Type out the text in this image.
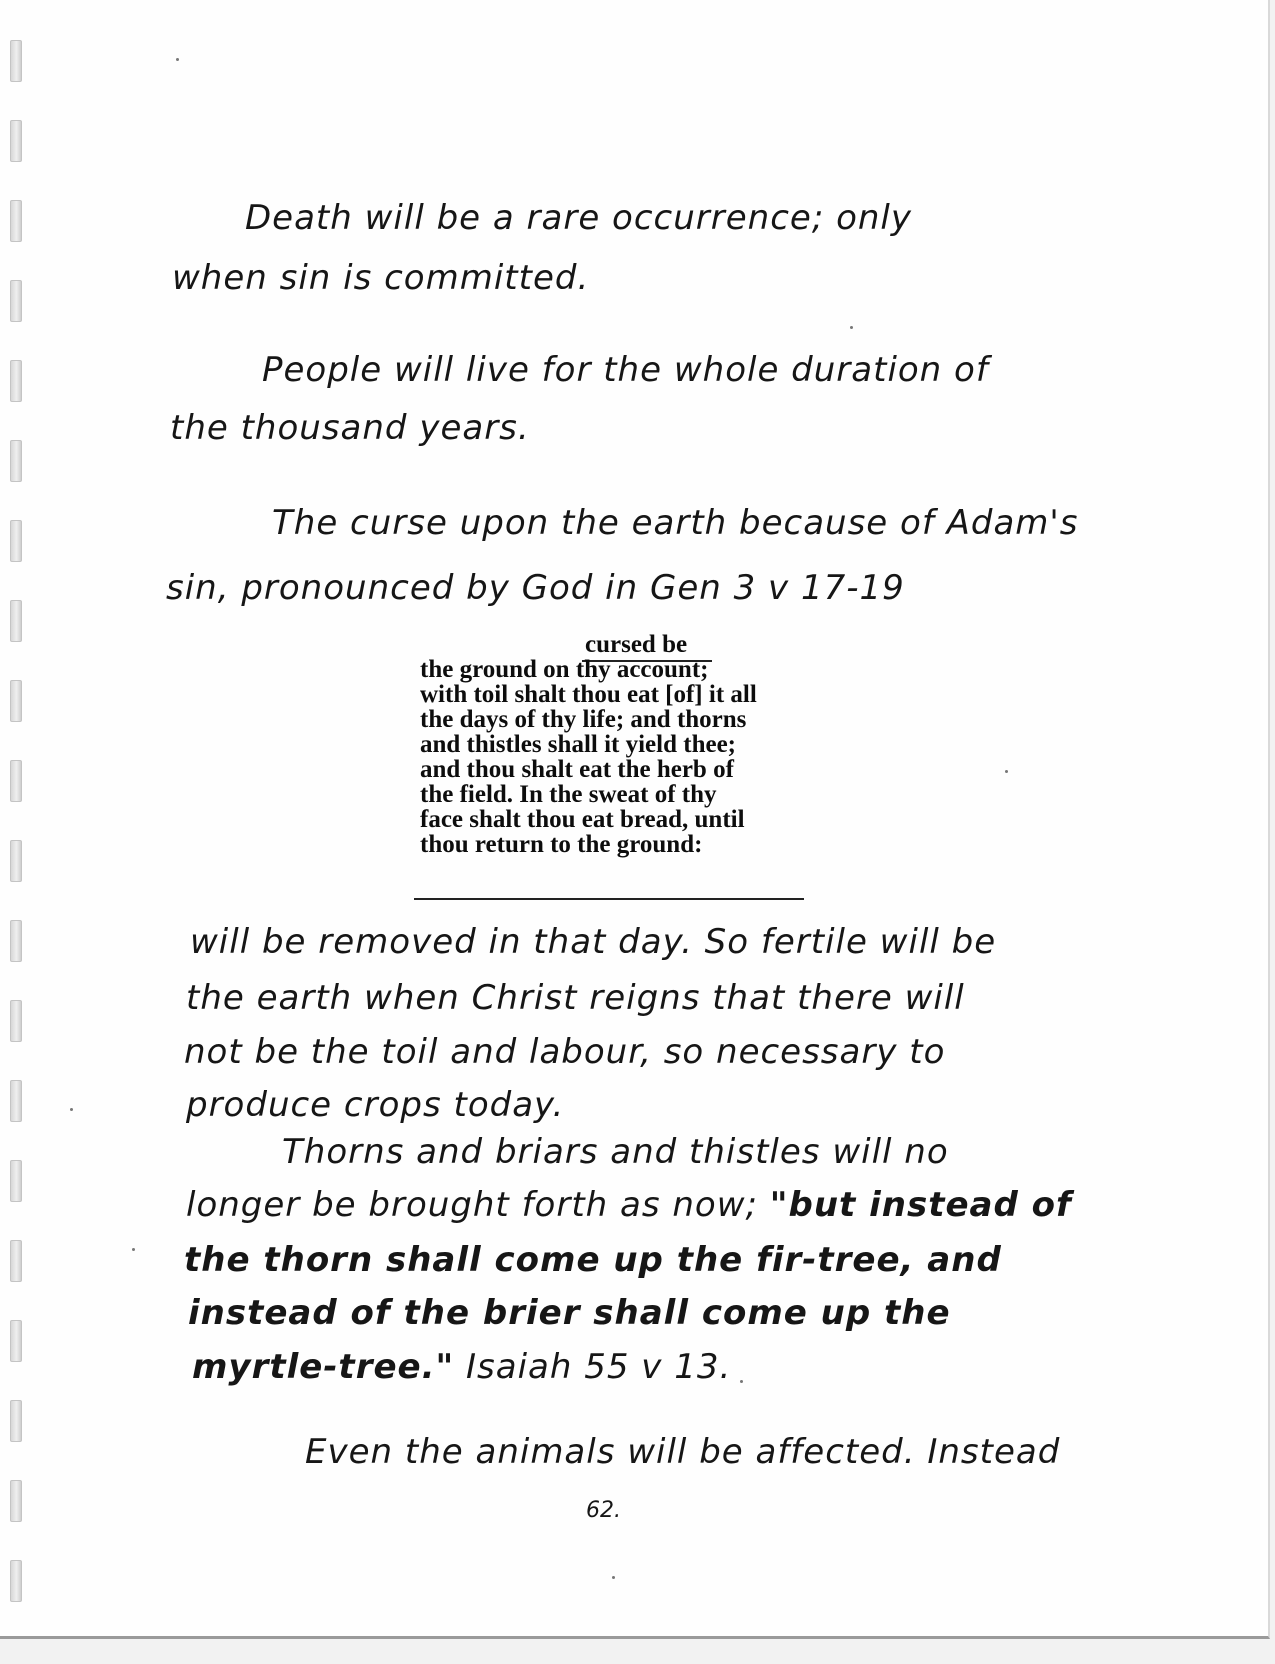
Death will be a rare occurrence; only

when sin is committed.

People will live for the whole duration of

the thousand years.

The curse upon the earth because of Adam's

sin, pronounced by God in Gen 3 v 17-19

cursed be
the ground on thy account;
with toil shalt thou eat [of] it all
the days of thy life; and thorns
and thistles shall it yield thee;
and thou shalt eat the herb of
the field. In the sweat of thy
face shalt thou eat bread, until
thou return to the ground:

will be removed in that day. So fertile will be

the earth when Christ reigns that there will

not be the toil and labour, so necessary to

produce crops today.

Thorns and briars and thistles will no

longer be brought forth as now; "but instead of

the thorn shall come up the fir-tree, and

instead of the brier shall come up the

myrtle-tree." Isaiah 55 v 13.

Even the animals will be affected. Instead

62.
